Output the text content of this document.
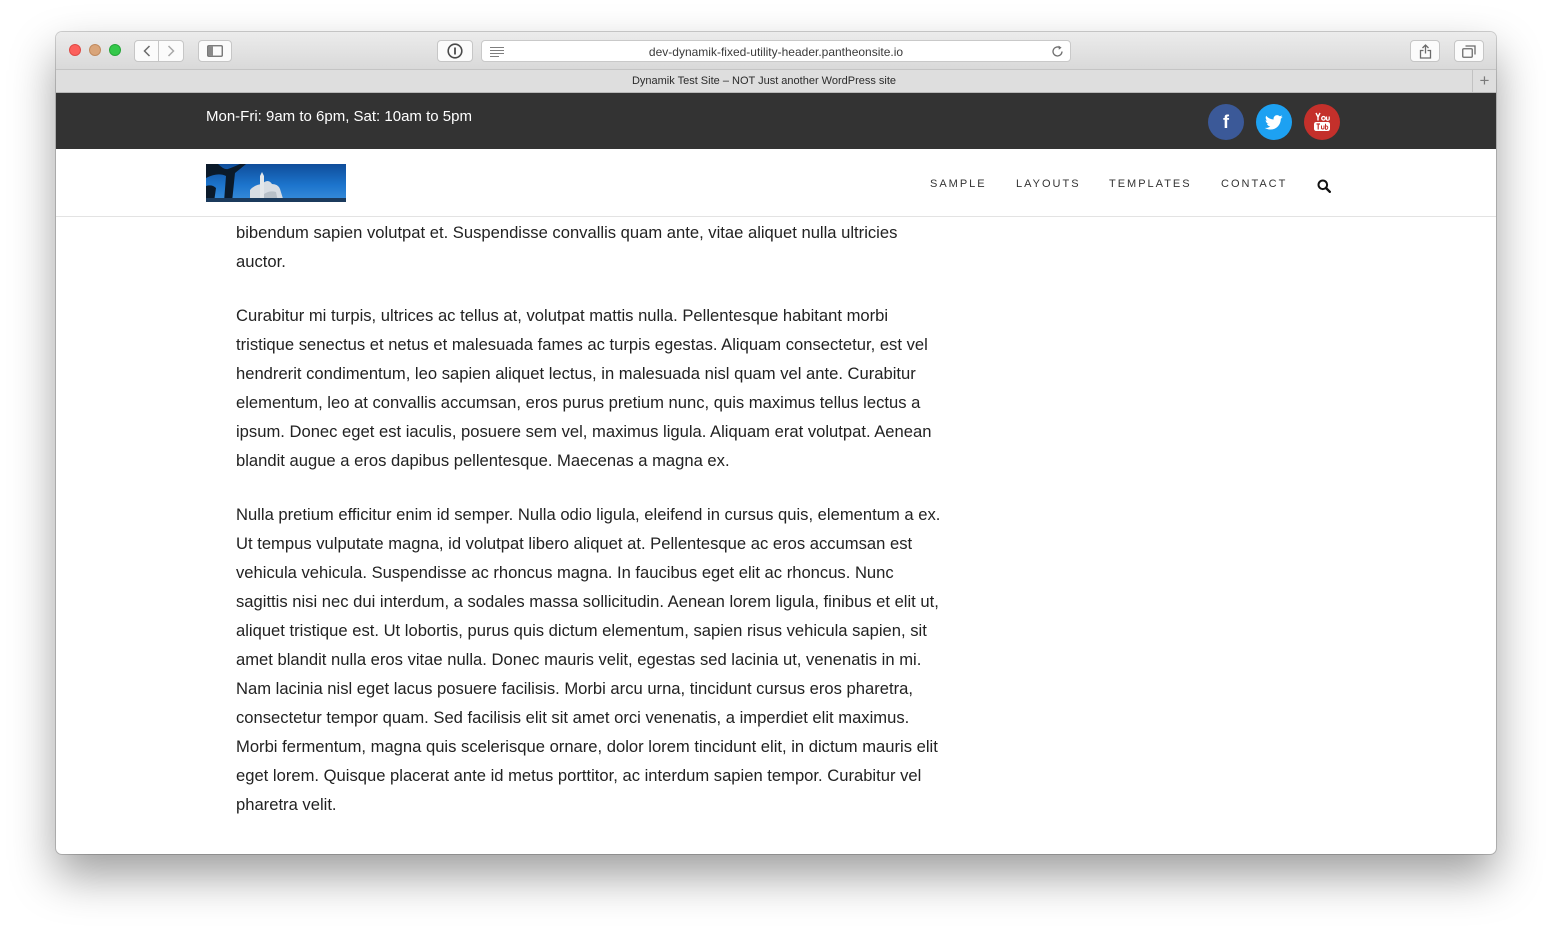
dev-dynamik-fixed-utility-header.pantheonsite.io
Dynamik Test Site – NOT Just another WordPress site	+
Mon-Fri: 9am to 6pm, Sat: 10am to 5pm	f
SAMPLE	LAYOUTS	TEMPLATES	CONTACT

bibendum sapien volutpat et. Suspendisse convallis quam ante, vitae aliquet nulla ultricies auctor.

Curabitur mi turpis, ultrices ac tellus at, volutpat mattis nulla. Pellentesque habitant morbi tristique senectus et netus et malesuada fames ac turpis egestas. Aliquam consectetur, est vel hendrerit condimentum, leo sapien aliquet lectus, in malesuada nisl quam vel ante. Curabitur elementum, leo at convallis accumsan, eros purus pretium nunc, quis maximus tellus lectus a ipsum. Donec eget est iaculis, posuere sem vel, maximus ligula. Aliquam erat volutpat. Aenean blandit augue a eros dapibus pellentesque. Maecenas a magna ex.

Nulla pretium efficitur enim id semper. Nulla odio ligula, eleifend in cursus quis, elementum a ex. Ut tempus vulputate magna, id volutpat libero aliquet at. Pellentesque ac eros accumsan est vehicula vehicula. Suspendisse ac rhoncus magna. In faucibus eget elit ac rhoncus. Nunc sagittis nisi nec dui interdum, a sodales massa sollicitudin. Aenean lorem ligula, finibus et elit ut, aliquet tristique est. Ut lobortis, purus quis dictum elementum, sapien risus vehicula sapien, sit amet blandit nulla eros vitae nulla. Donec mauris velit, egestas sed lacinia ut, venenatis in mi. Nam lacinia nisl eget lacus posuere facilisis. Morbi arcu urna, tincidunt cursus eros pharetra, consectetur tempor quam. Sed facilisis elit sit amet orci venenatis, a imperdiet elit maximus. Morbi fermentum, magna quis scelerisque ornare, dolor lorem tincidunt elit, in dictum mauris elit eget lorem. Quisque placerat ante id metus porttitor, ac interdum sapien tempor. Curabitur vel pharetra velit.
